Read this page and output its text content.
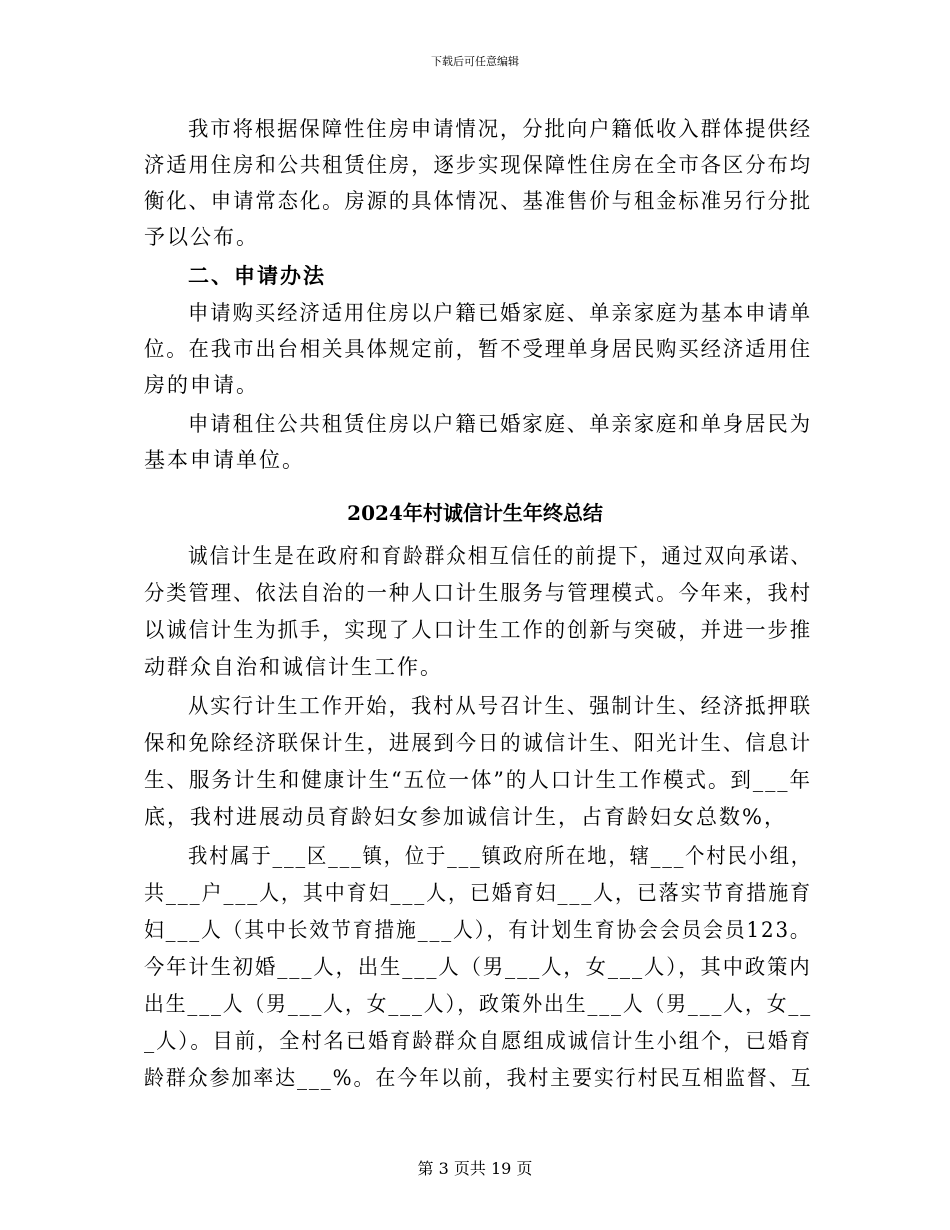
下载后可任意编辑
我市将根据保障性住房申请情况，分批向户籍低收入群体提供经
济适用住房和公共租赁住房，逐步实现保障性住房在全市各区分布均
衡化、申请常态化。房源的具体情况、基准售价与租金标准另行分批
予以公布。
二、申请办法
申请购买经济适用住房以户籍已婚家庭、单亲家庭为基本申请单
位。在我市出台相关具体规定前，暂不受理单身居民购买经济适用住
房的申请。
申请租住公共租赁住房以户籍已婚家庭、单亲家庭和单身居民为
基本申请单位。
2024年村诚信计生年终总结
诚信计生是在政府和育龄群众相互信任的前提下，通过双向承诺、
分类管理、依法自治的一种人口计生服务与管理模式。今年来，我村
以诚信计生为抓手，实现了人口计生工作的创新与突破，并进一步推
动群众自治和诚信计生工作。
从实行计生工作开始，我村从号召计生、强制计生、经济抵押联
保和免除经济联保计生，进展到今日的诚信计生、阳光计生、信息计
生、服务计生和健康计生“五位一体”的人口计生工作模式。到___年
底，我村进展动员育龄妇女参加诚信计生，占育龄妇女总数%，
我村属于___区___镇，位于___镇政府所在地，辖___个村民小组，
共___户___人，其中育妇___人，已婚育妇___人，已落实节育措施育
妇___人（其中长效节育措施___人），有计划生育协会会员会员123。
今年计生初婚___人，出生___人（男___人，女___人），其中政策内
出生___人（男___人，女___人），政策外出生___人（男___人，女__
_人）。目前，全村名已婚育龄群众自愿组成诚信计生小组个，已婚育
龄群众参加率达___%。在今年以前，我村主要实行村民互相监督、互
第 3 页共 19 页
